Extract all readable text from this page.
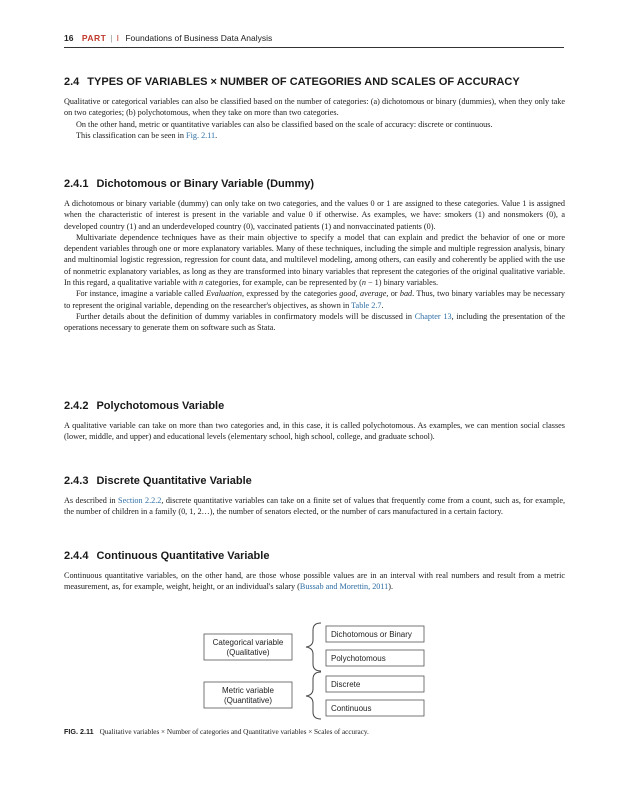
16 PART | I Foundations of Business Data Analysis
2.4 TYPES OF VARIABLES × NUMBER OF CATEGORIES AND SCALES OF ACCURACY

Qualitative or categorical variables can also be classified based on the number of categories: (a) dichotomous or binary (dummies), when they only take on two categories; (b) polychotomous, when they take on more than two categories.

On the other hand, metric or quantitative variables can also be classified based on the scale of accuracy: discrete or continuous.

This classification can be seen in Fig. 2.11.

2.4.1 Dichotomous or Binary Variable (Dummy)

A dichotomous or binary variable (dummy) can only take on two categories, and the values 0 or 1 are assigned to these categories. Value 1 is assigned when the characteristic of interest is present in the variable and value 0 if otherwise. As examples, we have: smokers (1) and nonsmokers (0), a developed country (1) and an underdeveloped country (0), vaccinated patients (1) and nonvaccinated patients (0).

Multivariate dependence techniques have as their main objective to specify a model that can explain and predict the behavior of one or more dependent variables through one or more explanatory variables. Many of these techniques, including the simple and multiple regression analysis, binary and multinomial logistic regression, regression for count data, and multilevel modeling, among others, can easily and coherently be applied with the use of nonmetric explanatory variables, as long as they are transformed into binary variables that represent the categories of the original qualitative variable. In this regard, a qualitative variable with n categories, for example, can be represented by (n − 1) binary variables.

For instance, imagine a variable called Evaluation, expressed by the categories good, average, or bad. Thus, two binary variables may be necessary to represent the original variable, depending on the researcher's objectives, as shown in Table 2.7.

Further details about the definition of dummy variables in confirmatory models will be discussed in Chapter 13, including the presentation of the operations necessary to generate them on software such as Stata.

2.4.2 Polychotomous Variable

A qualitative variable can take on more than two categories and, in this case, it is called polychotomous. As examples, we can mention social classes (lower, middle, and upper) and educational levels (elementary school, high school, college, and graduate school).

2.4.3 Discrete Quantitative Variable

As described in Section 2.2.2, discrete quantitative variables can take on a finite set of values that frequently come from a count, such as, for example, the number of children in a family (0, 1, 2…), the number of senators elected, or the number of cars manufactured in a certain factory.

2.4.4 Continuous Quantitative Variable

Continuous quantitative variables, on the other hand, are those whose possible values are in an interval with real numbers and result from a metric measurement, as, for example, weight, height, or an individual's salary (Bussab and Morettin, 2011).

Categorical variable
(Qualitative)
Metric variable
(Quantitative)
Dichotomous or Binary
Polychotomous
Discrete
Continuous
FIG. 2.11 Qualitative variables × Number of categories and Quantitative variables × Scales of accuracy.
